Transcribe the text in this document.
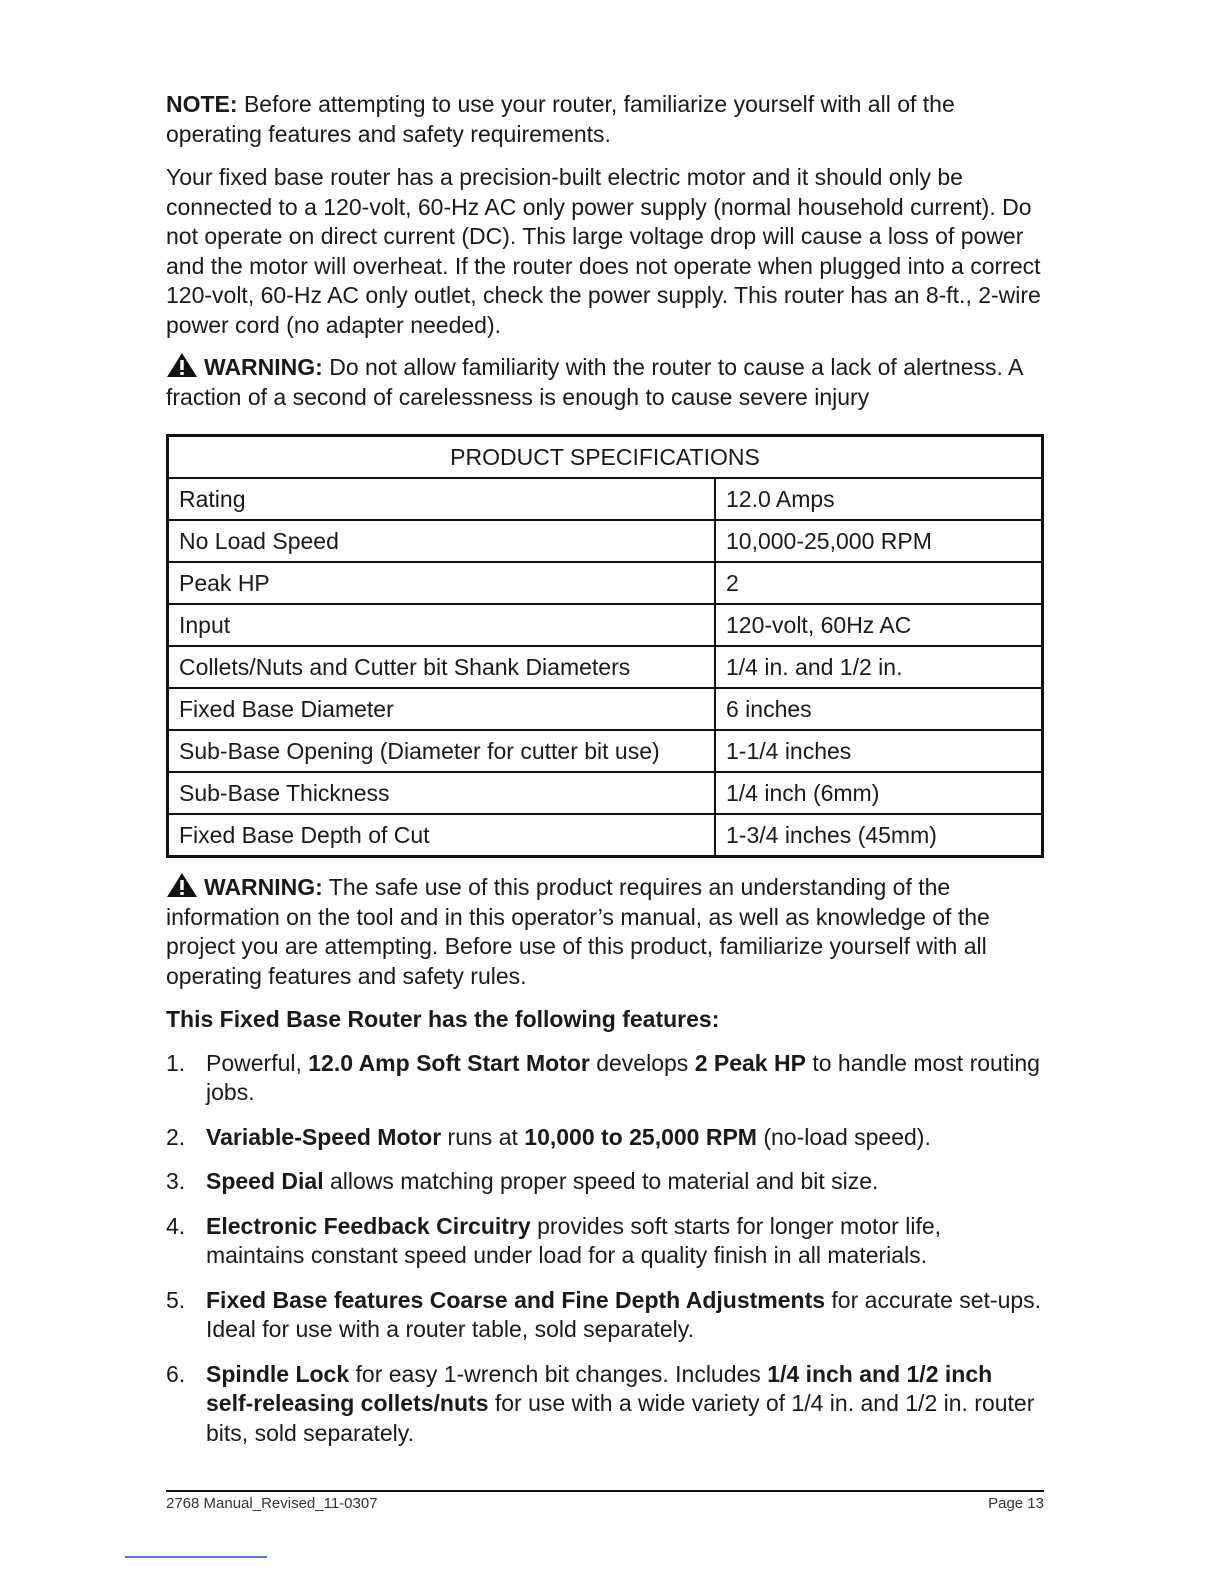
NOTE: Before attempting to use your router, familiarize yourself with all of the operating features and safety requirements.

Your fixed base router has a precision-built electric motor and it should only be connected to a 120-volt, 60-Hz AC only power supply (normal household current). Do not operate on direct current (DC). This large voltage drop will cause a loss of power and the motor will overheat. If the router does not operate when plugged into a correct 120-volt, 60-Hz AC only outlet, check the power supply. This router has an 8-ft., 2-wire power cord (no adapter needed).

WARNING: Do not allow familiarity with the router to cause a lack of alertness. A fraction of a second of carelessness is enough to cause severe injury

PRODUCT SPECIFICATIONS	
Rating	12.0 Amps
No Load Speed	10,000-25,000 RPM
Peak HP	2
Input	120-volt, 60Hz AC
Collets/Nuts and Cutter bit Shank Diameters	1/4 in. and 1/2 in.
Fixed Base Diameter	6 inches
Sub-Base Opening (Diameter for cutter bit use)	1-1/4 inches
Sub-Base Thickness	1/4 inch (6mm)
Fixed Base Depth of Cut	1-3/4 inches (45mm)

WARNING: The safe use of this product requires an understanding of the information on the tool and in this operator’s manual, as well as knowledge of the project you are attempting. Before use of this product, familiarize yourself with all operating features and safety rules.

This Fixed Base Router has the following features:

1. Powerful, 12.0 Amp Soft Start Motor develops 2 Peak HP to handle most routing jobs.
2. Variable-Speed Motor runs at 10,000 to 25,000 RPM (no-load speed).
3. Speed Dial allows matching proper speed to material and bit size.
4. Electronic Feedback Circuitry provides soft starts for longer motor life, maintains constant speed under load for a quality finish in all materials.
5. Fixed Base features Coarse and Fine Depth Adjustments for accurate set-ups. Ideal for use with a router table, sold separately.
6. Spindle Lock for easy 1-wrench bit changes. Includes 1/4 inch and 1/2 inch self-releasing collets/nuts for use with a wide variety of 1/4 in. and 1/2 in. router bits, sold separately.
2768 Manual_Revised_11-0307	Page 13
